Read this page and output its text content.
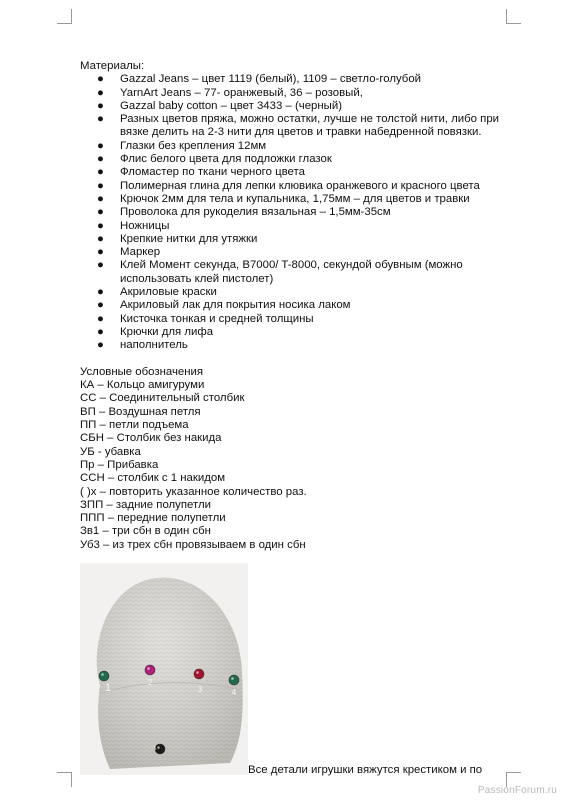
Материалы:
● Gazzal Jeans – цвет 1119 (белый), 1109 – светло-голубой
● YarnArt Jeans – 77- оранжевый, 36 – розовый,
● Gazzal baby cotton – цвет 3433 – (черный)
● Разных цветов пряжа, можно остатки, лучше не толстой нити, либо при вязке делить на 2-3 нити для цветов и травки набедренной повязки.
● Глазки без крепления 12мм
● Флис белого цвета для подложки глазок
● Фломастер по ткани черного цвета
● Полимерная глина для лепки клювика оранжевого и красного цвета
● Крючок 2мм для тела и купальника, 1,75мм – для цветов и травки
● Проволока для рукоделия вязальная – 1,5мм-35см
● Ножницы
● Крепкие нитки для утяжки
● Маркер
● Клей Момент секунда, B7000/ T-8000, секундой обувным (можно использовать клей пистолет)
● Акриловые краски
● Акриловый лак для покрытия носика лаком
● Кисточка тонкая и средней толщины
● Крючки для лифа
● наполнитель
Условные обозначения
КА – Кольцо амигуруми
СС – Соединительный столбик
ВП – Воздушная петля
ПП – петли подъема
СБН – Столбик без накида
УБ - убавка
Пр – Прибавка
ССН – столбик с 1 накидом
( )х – повторить указанное количество раз.
ЗПП – задние полупетли
ППП – передние полупетли
Зв1 – три сбн в один сбн
Уб3 – из трех сбн провязываем в один сбн
1	2
3	4
5
Все детали игрушки вяжутся крестиком и по
PassionForum.ru
